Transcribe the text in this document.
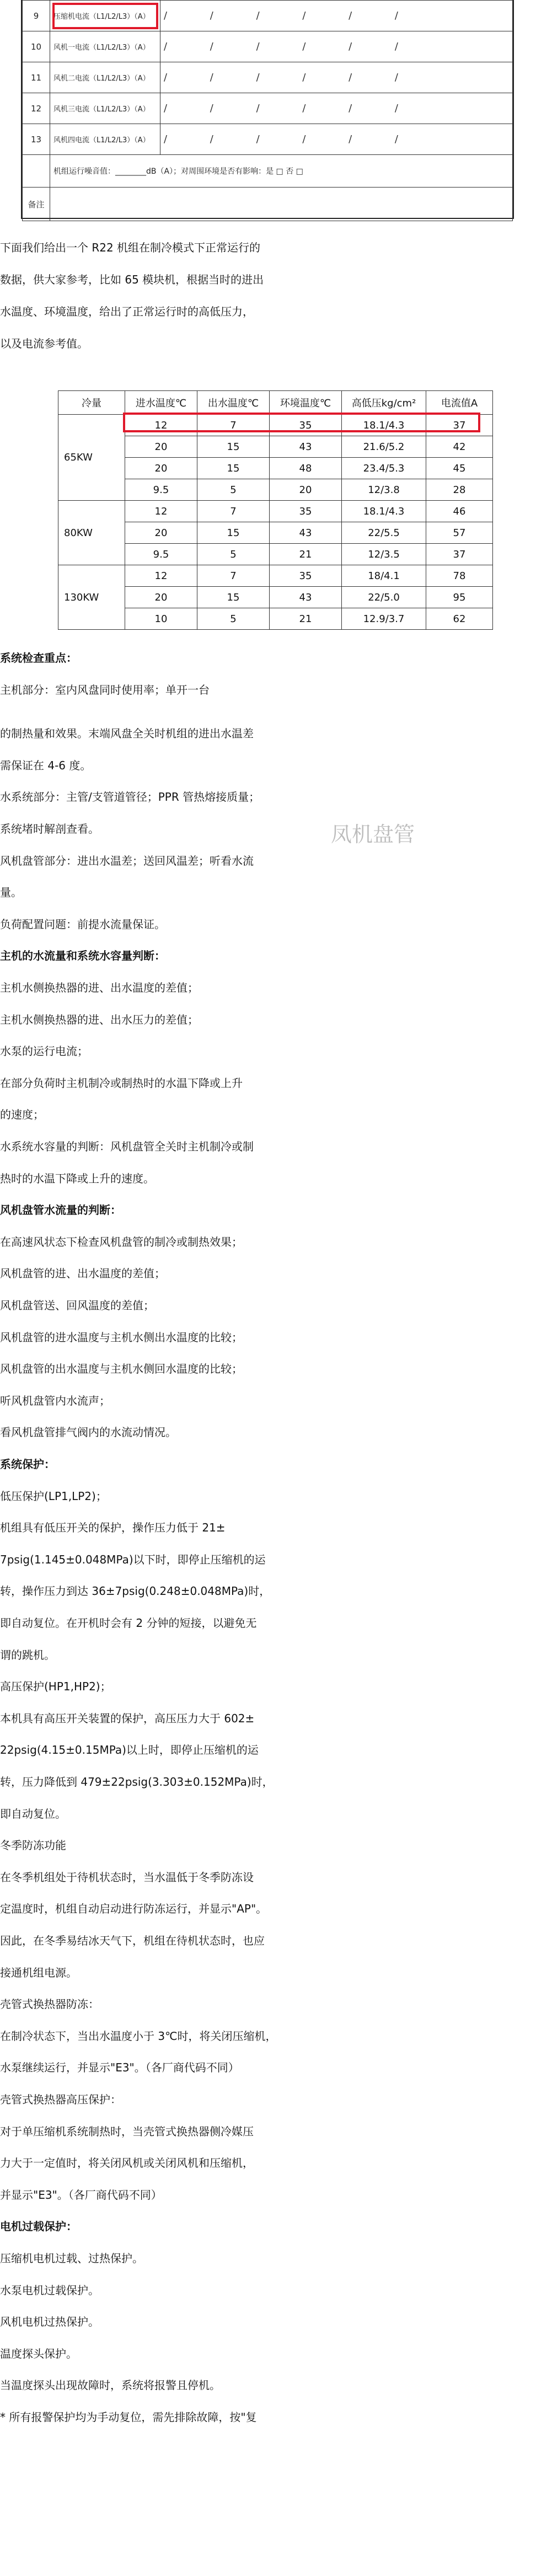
9	压缩机电流（L1/L2/L3）（A）	/ / / / / /
10	风机一电流（L1/L2/L3）（A）	/ / / / / /
11	风机二电流（L1/L2/L3）（A）	/ / / / / /
12	风机三电流（L1/L2/L3）（A）	/ / / / / /
13	风机四电流（L1/L2/L3）（A）	/ / / / / /
	机组运行噪音值：________dB（A）；对周围环境是否有影响：是 □ 否 □	
备注		
下面我们给出一个 R22 机组在制冷模式下正常运行的
数据，供大家参考，比如 65 模块机，根据当时的进出
水温度、环境温度，给出了正常运行时的高低压力，
以及电流参考值。
冷量	进水温度℃	出水温度℃	环境温度℃	高低压kg/cm²	电流值A
65KW	12	7	35	18.1/4.3	37
	20	15	43	21.6/5.2	42
	20	15	48	23.4/5.3	45
	9.5	5	20	12/3.8	28
80KW	12	7	35	18.1/4.3	46
	20	15	43	22/5.5	57
	9.5	5	21	12/3.5	37
130KW	12	7	35	18/4.1	78
	20	15	43	22/5.0	95
	10	5	21	12.9/3.7	62
系统检查重点：
主机部分：室内风盘同时使用率；单开一台
的制热量和效果。末端风盘全关时机组的进出水温差
需保证在 4-6 度。
水系统部分：主管/支管道管径；PPR 管热熔接质量；
系统堵时解剖查看。
风机盘管部分：进出水温差；送回风温差；听看水流
量。
负荷配置问题：前提水流量保证。
主机的水流量和系统水容量判断：
主机水侧换热器的进、出水温度的差值；
主机水侧换热器的进、出水压力的差值；
水泵的运行电流；
在部分负荷时主机制冷或制热时的水温下降或上升
的速度；
水系统水容量的判断：风机盘管全关时主机制冷或制
热时的水温下降或上升的速度。
风机盘管水流量的判断：
在高速风状态下检查风机盘管的制冷或制热效果；
风机盘管的进、出水温度的差值；
风机盘管送、回风温度的差值；
风机盘管的进水温度与主机水侧出水温度的比较；
风机盘管的出水温度与主机水侧回水温度的比较；
听风机盘管内水流声；
看风机盘管排气阀内的水流动情况。
系统保护：
低压保护(LP1,LP2)；
机组具有低压开关的保护，操作压力低于 21±
7psig(1.145±0.048MPa)以下时，即停止压缩机的运
转，操作压力到达 36±7psig(0.248±0.048MPa)时，
即自动复位。在开机时会有 2 分钟的短接，以避免无
谓的跳机。
高压保护(HP1,HP2)；
本机具有高压开关装置的保护，高压压力大于 602±
22psig(4.15±0.15MPa)以上时，即停止压缩机的运
转，压力降低到 479±22psig(3.303±0.152MPa)时，
即自动复位。
冬季防冻功能
在冬季机组处于待机状态时，当水温低于冬季防冻设
定温度时，机组自动启动进行防冻运行，并显示"AP"。
因此，在冬季易结冰天气下，机组在待机状态时，也应
接通机组电源。
壳管式换热器防冻：
在制冷状态下，当出水温度小于 3℃时，将关闭压缩机，
水泵继续运行，并显示"E3"。（各厂商代码不同）
壳管式换热器高压保护：
对于单压缩机系统制热时，当壳管式换热器侧冷媒压
力大于一定值时，将关闭风机或关闭风机和压缩机，
并显示"E3"。（各厂商代码不同）
电机过载保护：
压缩机电机过载、过热保护。
水泵电机过载保护。
风机电机过热保护。
温度探头保护。
当温度探头出现故障时，系统将报警且停机。
* 所有报警保护均为手动复位，需先排除故障，按"复
凤机盘管
